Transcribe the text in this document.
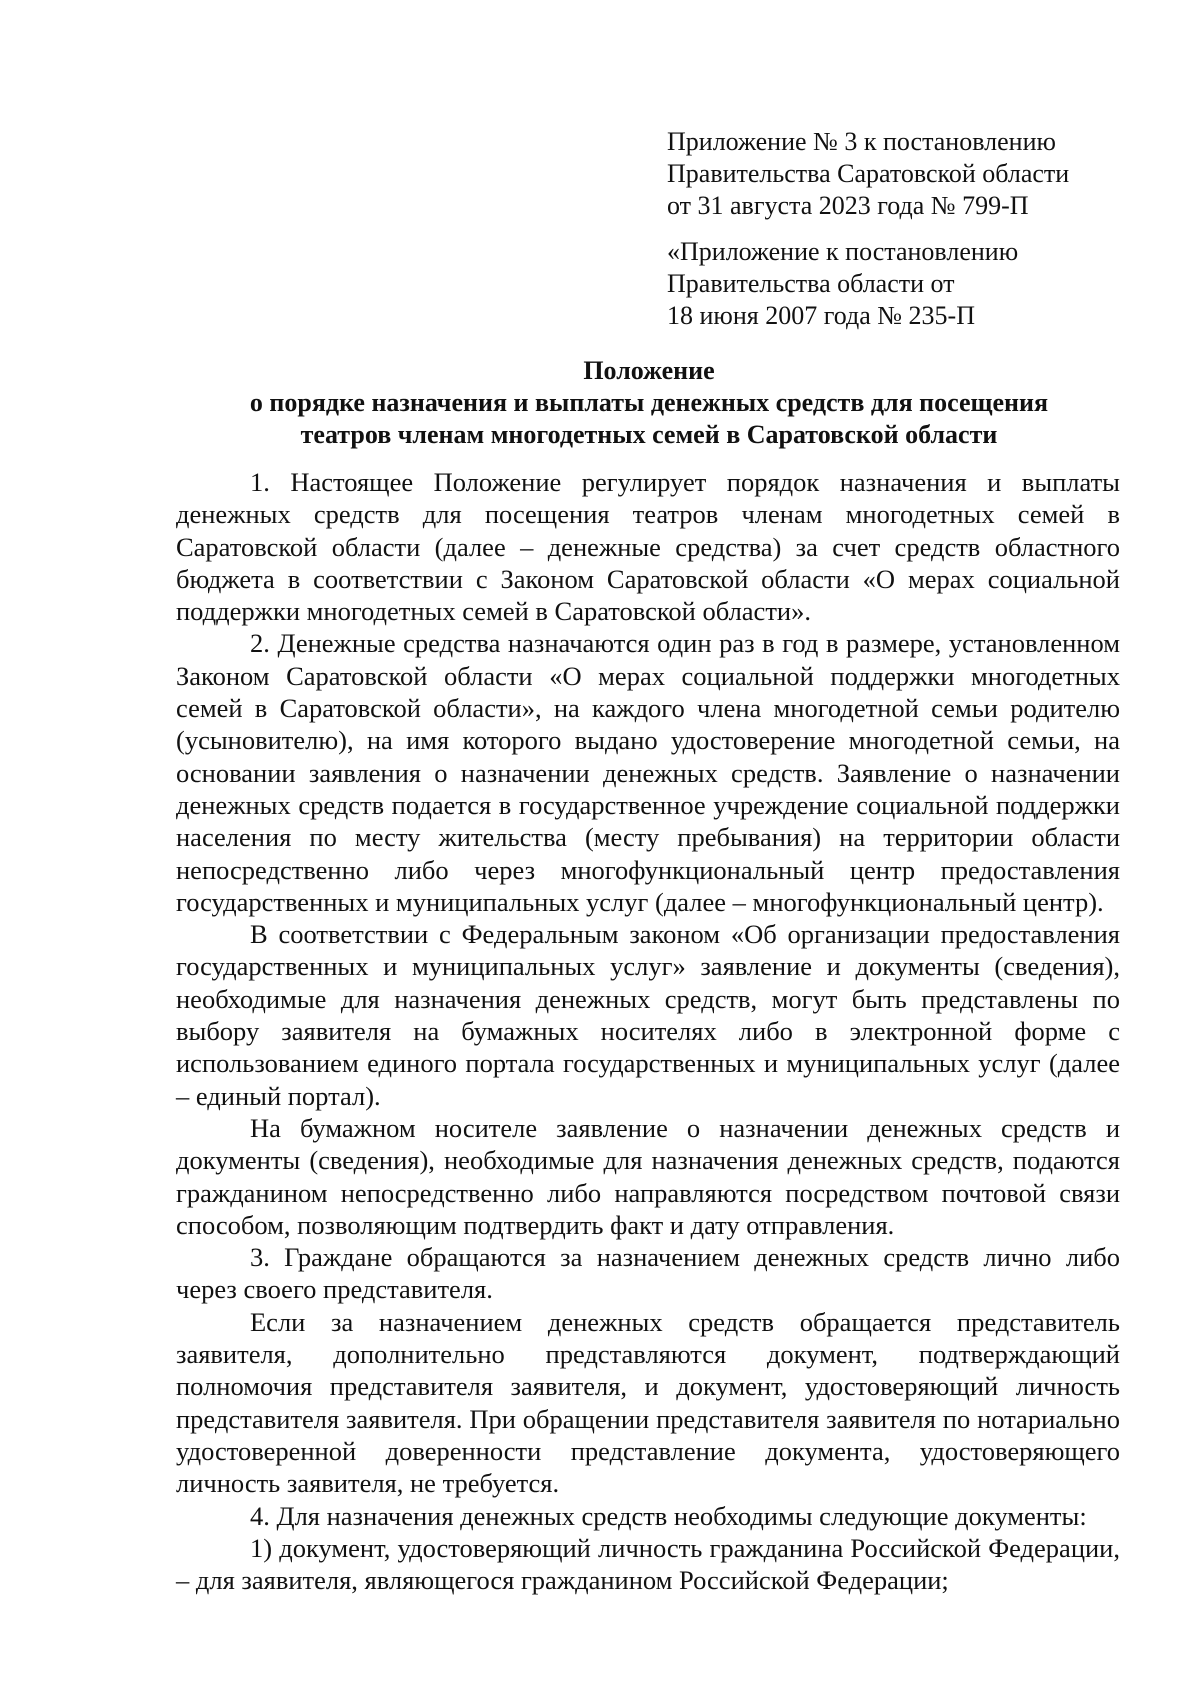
Приложение № 3 к постановлению
Правительства Саратовской области
от 31 августа 2023 года № 799-П
«Приложение к постановлению
Правительства области от
18 июня 2007 года № 235-П
Положение
о порядке назначения и выплаты денежных средств для посещения
театров членам многодетных семей в Саратовской области

1. Настоящее Положение регулирует порядок назначения и выплаты денежных средств для посещения театров членам многодетных семей в Саратовской области (далее – денежные средства) за счет средств областного бюджета в соответствии с Законом Саратовской области «О мерах социальной поддержки многодетных семей в Саратовской области».

2. Денежные средства назначаются один раз в год в размере, установленном Законом Саратовской области «О мерах социальной поддержки многодетных семей в Саратовской области», на каждого члена многодетной семьи родителю (усыновителю), на имя которого выдано удостоверение многодетной семьи, на основании заявления о назначении денежных средств. Заявление о назначении денежных средств подается в государственное учреждение социальной поддержки населения по месту жительства (месту пребывания) на территории области непосредственно либо через многофункциональный центр предоставления государственных и муниципальных услуг (далее – многофункциональный центр).

В соответствии с Федеральным законом «Об организации предоставления государственных и муниципальных услуг» заявление и документы (сведения), необходимые для назначения денежных средств, могут быть представлены по выбору заявителя на бумажных носителях либо в электронной форме с использованием единого портала государственных и муниципальных услуг (далее – единый портал).

На бумажном носителе заявление о назначении денежных средств и документы (сведения), необходимые для назначения денежных средств, подаются гражданином непосредственно либо направляются посредством почтовой связи способом, позволяющим подтвердить факт и дату отправления.

3. Граждане обращаются за назначением денежных средств лично либо через своего представителя.

Если за назначением денежных средств обращается представитель заявителя, дополнительно представляются документ, подтверждающий полномочия представителя заявителя, и документ, удостоверяющий личность представителя заявителя. При обращении представителя заявителя по нотариально удостоверенной доверенности представление документа, удостоверяющего личность заявителя, не требуется.

4. Для назначения денежных средств необходимы следующие документы:

1) документ, удостоверяющий личность гражданина Российской Федерации, – для заявителя, являющегося гражданином Российской Федерации;
